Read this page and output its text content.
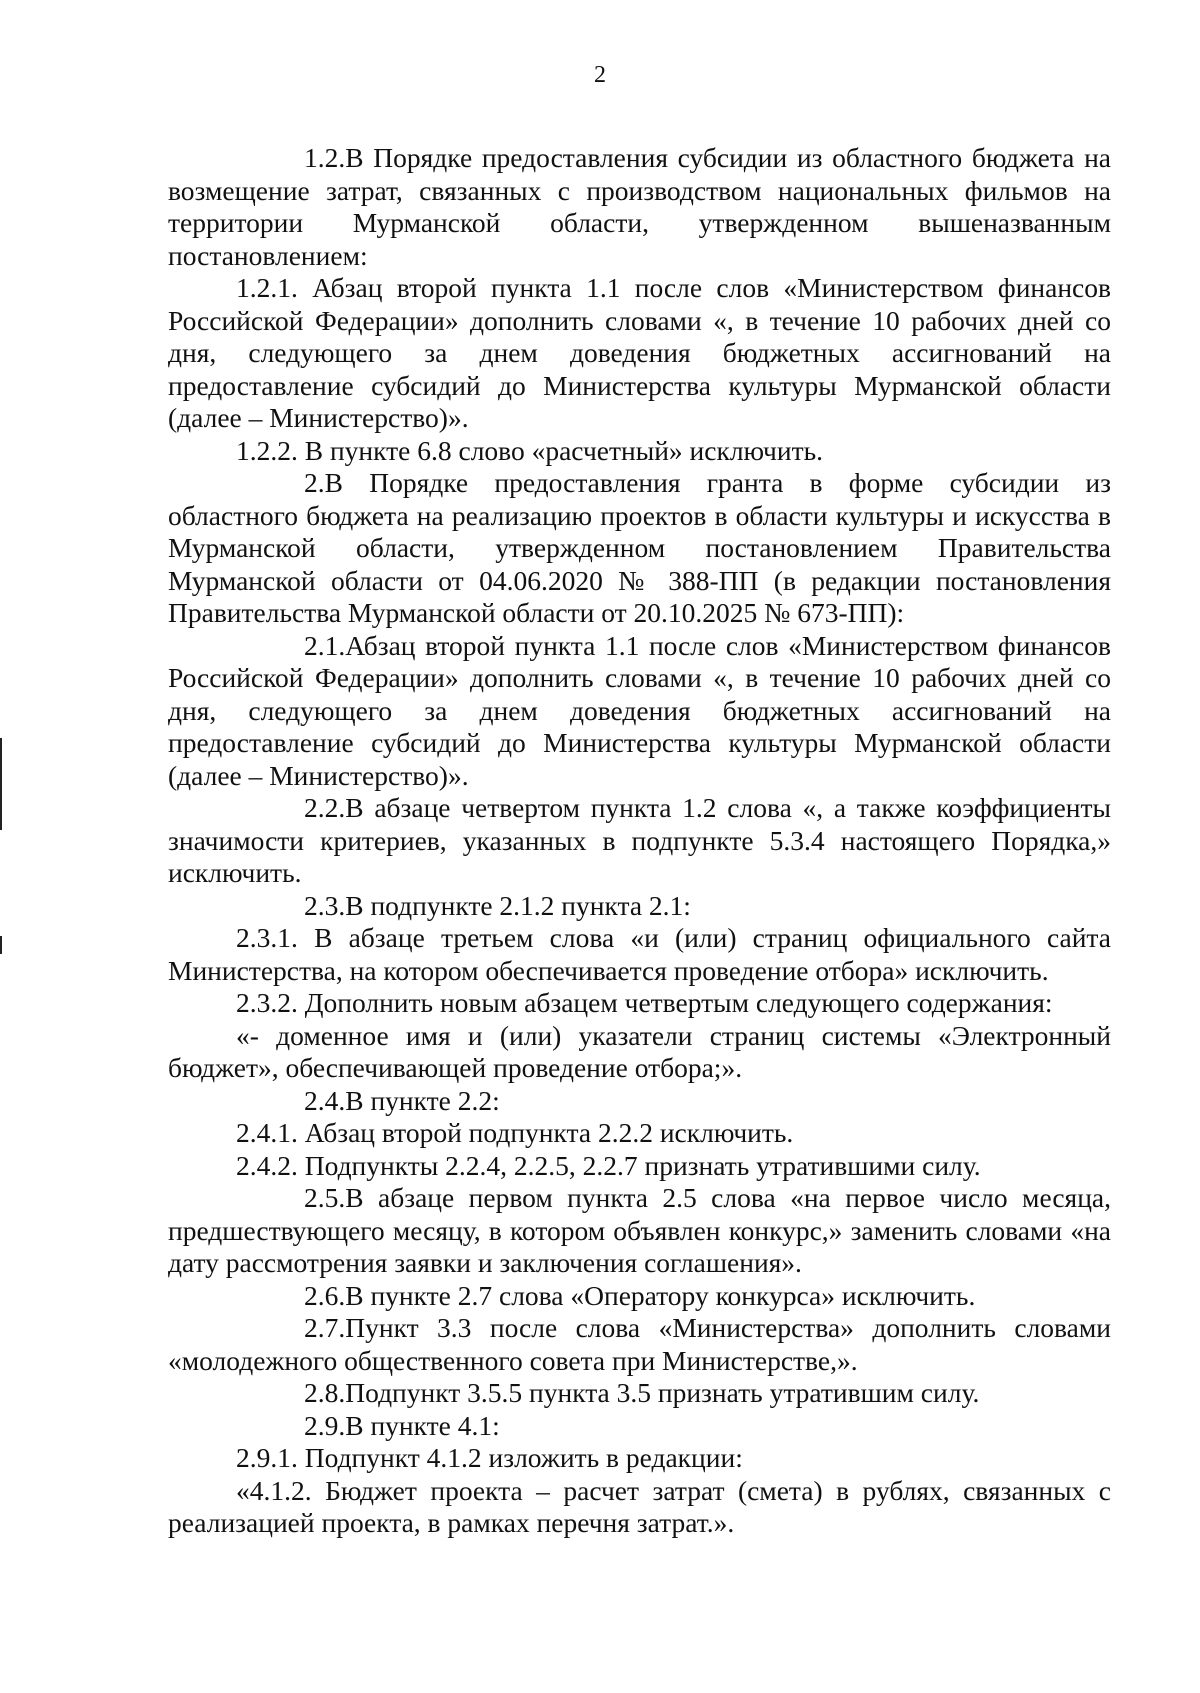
2

1.2.В Порядке предоставления субсидии из областного бюджета на возмещение затрат, связанных с производством национальных фильмов на территории Мурманской области, утвержденном вышеназванным постановлением:

1.2.1. Абзац второй пункта 1.1 после слов «Министерством финансов Российской Федерации» дополнить словами «, в течение 10 рабочих дней со дня, следующего за днем доведения бюджетных ассигнований на предоставление субсидий до Министерства культуры Мурманской области (далее – Министерство)».

1.2.2. В пункте 6.8 слово «расчетный» исключить.

2.В Порядке предоставления гранта в форме субсидии из областного бюджета на реализацию проектов в области культуры и искусства в Мурманской области, утвержденном постановлением Правительства Мурманской области от 04.06.2020 № 388-ПП (в редакции постановления Правительства Мурманской области от 20.10.2025 № 673-ПП):

2.1.Абзац второй пункта 1.1 после слов «Министерством финансов Российской Федерации» дополнить словами «, в течение 10 рабочих дней со дня, следующего за днем доведения бюджетных ассигнований на предоставление субсидий до Министерства культуры Мурманской области (далее – Министерство)».

2.2.В абзаце четвертом пункта 1.2 слова «, а также коэффициенты значимости критериев, указанных в подпункте 5.3.4 настоящего Порядка,» исключить.

2.3.В подпункте 2.1.2 пункта 2.1:

2.3.1. В абзаце третьем слова «и (или) страниц официального сайта Министерства, на котором обеспечивается проведение отбора» исключить.

2.3.2. Дополнить новым абзацем четвертым следующего содержания:

«- доменное имя и (или) указатели страниц системы «Электронный бюджет», обеспечивающей проведение отбора;».

2.4.В пункте 2.2:

2.4.1. Абзац второй подпункта 2.2.2 исключить.

2.4.2. Подпункты 2.2.4, 2.2.5, 2.2.7 признать утратившими силу.

2.5.В абзаце первом пункта 2.5 слова «на первое число месяца, предшествующего месяцу, в котором объявлен конкурс,» заменить словами «на дату рассмотрения заявки и заключения соглашения».

2.6.В пункте 2.7 слова «Оператору конкурса» исключить.

2.7.Пункт 3.3 после слова «Министерства» дополнить словами «молодежного общественного совета при Министерстве,».

2.8.Подпункт 3.5.5 пункта 3.5 признать утратившим силу.

2.9.В пункте 4.1:

2.9.1. Подпункт 4.1.2 изложить в редакции:

«4.1.2. Бюджет проекта – расчет затрат (смета) в рублях, связанных с реализацией проекта, в рамках перечня затрат.».
